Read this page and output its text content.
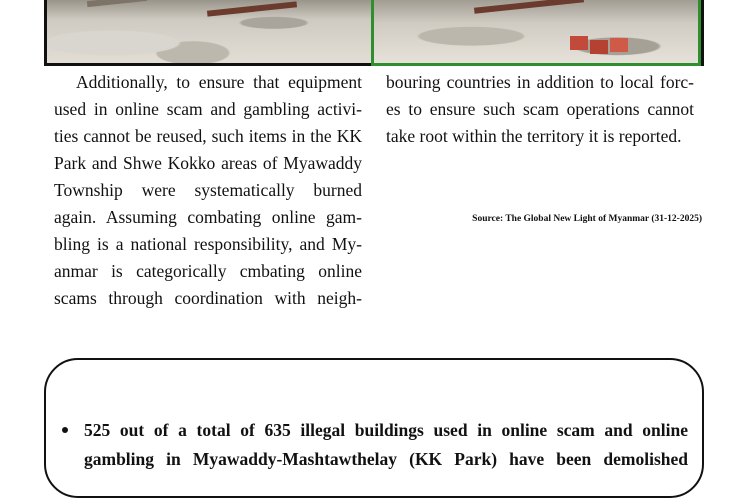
Additionally, to ensure that equipment
used in online scam and gambling activi-
ties cannot be reused, such items in the KK
Park and Shwe Kokko areas of Myawaddy
Township were systematically burned
again. Assuming combating online gam-
bling is a national responsibility, and My-
anmar is categorically cmbating online
scams through coordination with neigh-
bouring countries in addition to local forc-
es to ensure such scam operations cannot
take root within the territory it is reported.
Source: The Global New Light of Myanmar (31-12-2025)
525 out of a total of 635 illegal buildings used in online scam and online
gambling in Myawaddy-Mashtawthelay (KK Park) have been demolished
